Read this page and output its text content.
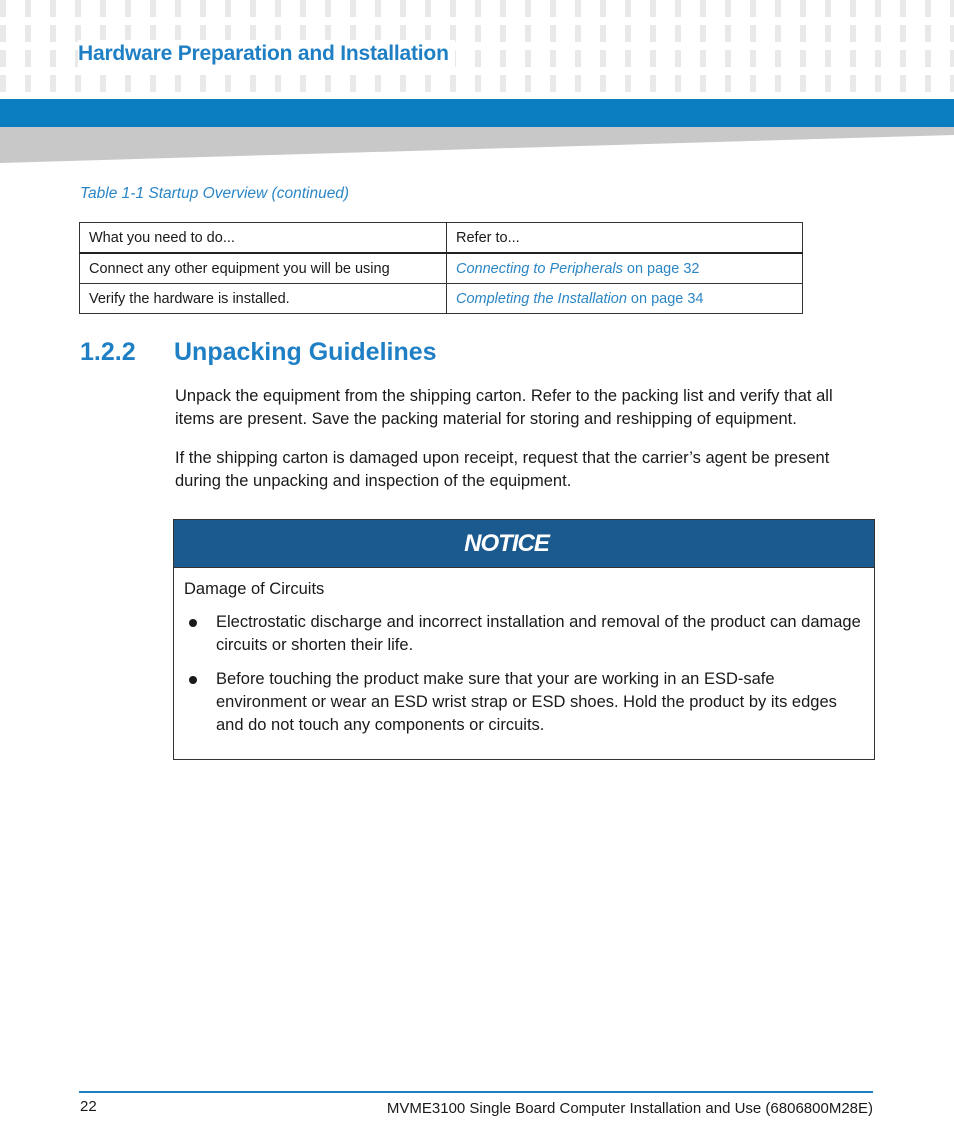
Hardware Preparation and Installation

Table 1-1 Startup Overview (continued)

What you need to do...	Refer to...
Connect any other equipment you will be using	Connecting to Peripherals on page 32
Verify the hardware is installed.	Completing the Installation on page 34
1.2.2 Unpacking Guidelines

Unpack the equipment from the shipping carton. Refer to the packing list and verify that all items are present. Save the packing material for storing and reshipping of equipment.

If the shipping carton is damaged upon receipt, request that the carrier’s agent be present during the unpacking and inspection of the equipment.

NOTICE

Damage of Circuits

Electrostatic discharge and incorrect installation and removal of the product can damage circuits or shorten their life.
Before touching the product make sure that your are working in an ESD-safe environment or wear an ESD wrist strap or ESD shoes. Hold the product by its edges and do not touch any components or circuits.

22	MVME3100 Single Board Computer Installation and Use (6806800M28E)
